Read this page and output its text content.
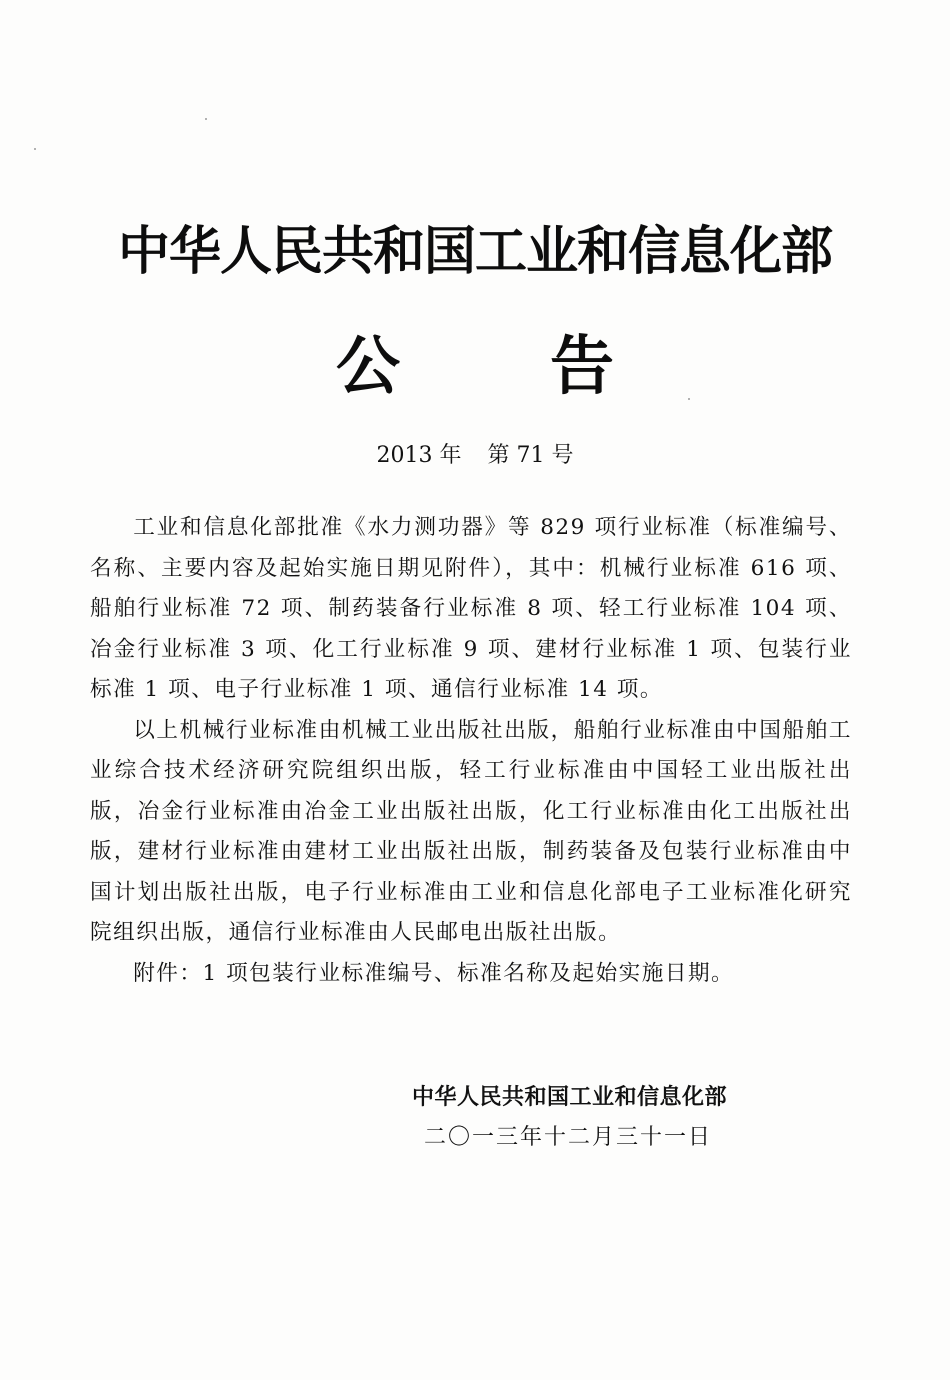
中华人民共和国工业和信息化部
公 告
2013 年 第 71 号

工业和信息化部批准《水力测功器》等 829 项行业标准（标准编号、名称、主要内容及起始实施日期见附件），其中：机械行业标准 616 项、船舶行业标准 72 项、制药装备行业标准 8 项、轻工行业标准 104 项、冶金行业标准 3 项、化工行业标准 9 项、建材行业标准 1 项、包装行业标准 1 项、电子行业标准 1 项、通信行业标准 14 项。

以上机械行业标准由机械工业出版社出版，船舶行业标准由中国船舶工业综合技术经济研究院组织出版，轻工行业标准由中国轻工业出版社出版，冶金行业标准由冶金工业出版社出版，化工行业标准由化工出版社出版，建材行业标准由建材工业出版社出版，制药装备及包装行业标准由中国计划出版社出版，电子行业标准由工业和信息化部电子工业标准化研究院组织出版，通信行业标准由人民邮电出版社出版。

附件：1 项包装行业标准编号、标准名称及起始实施日期。

中华人民共和国工业和信息化部
二〇一三年十二月三十一日
